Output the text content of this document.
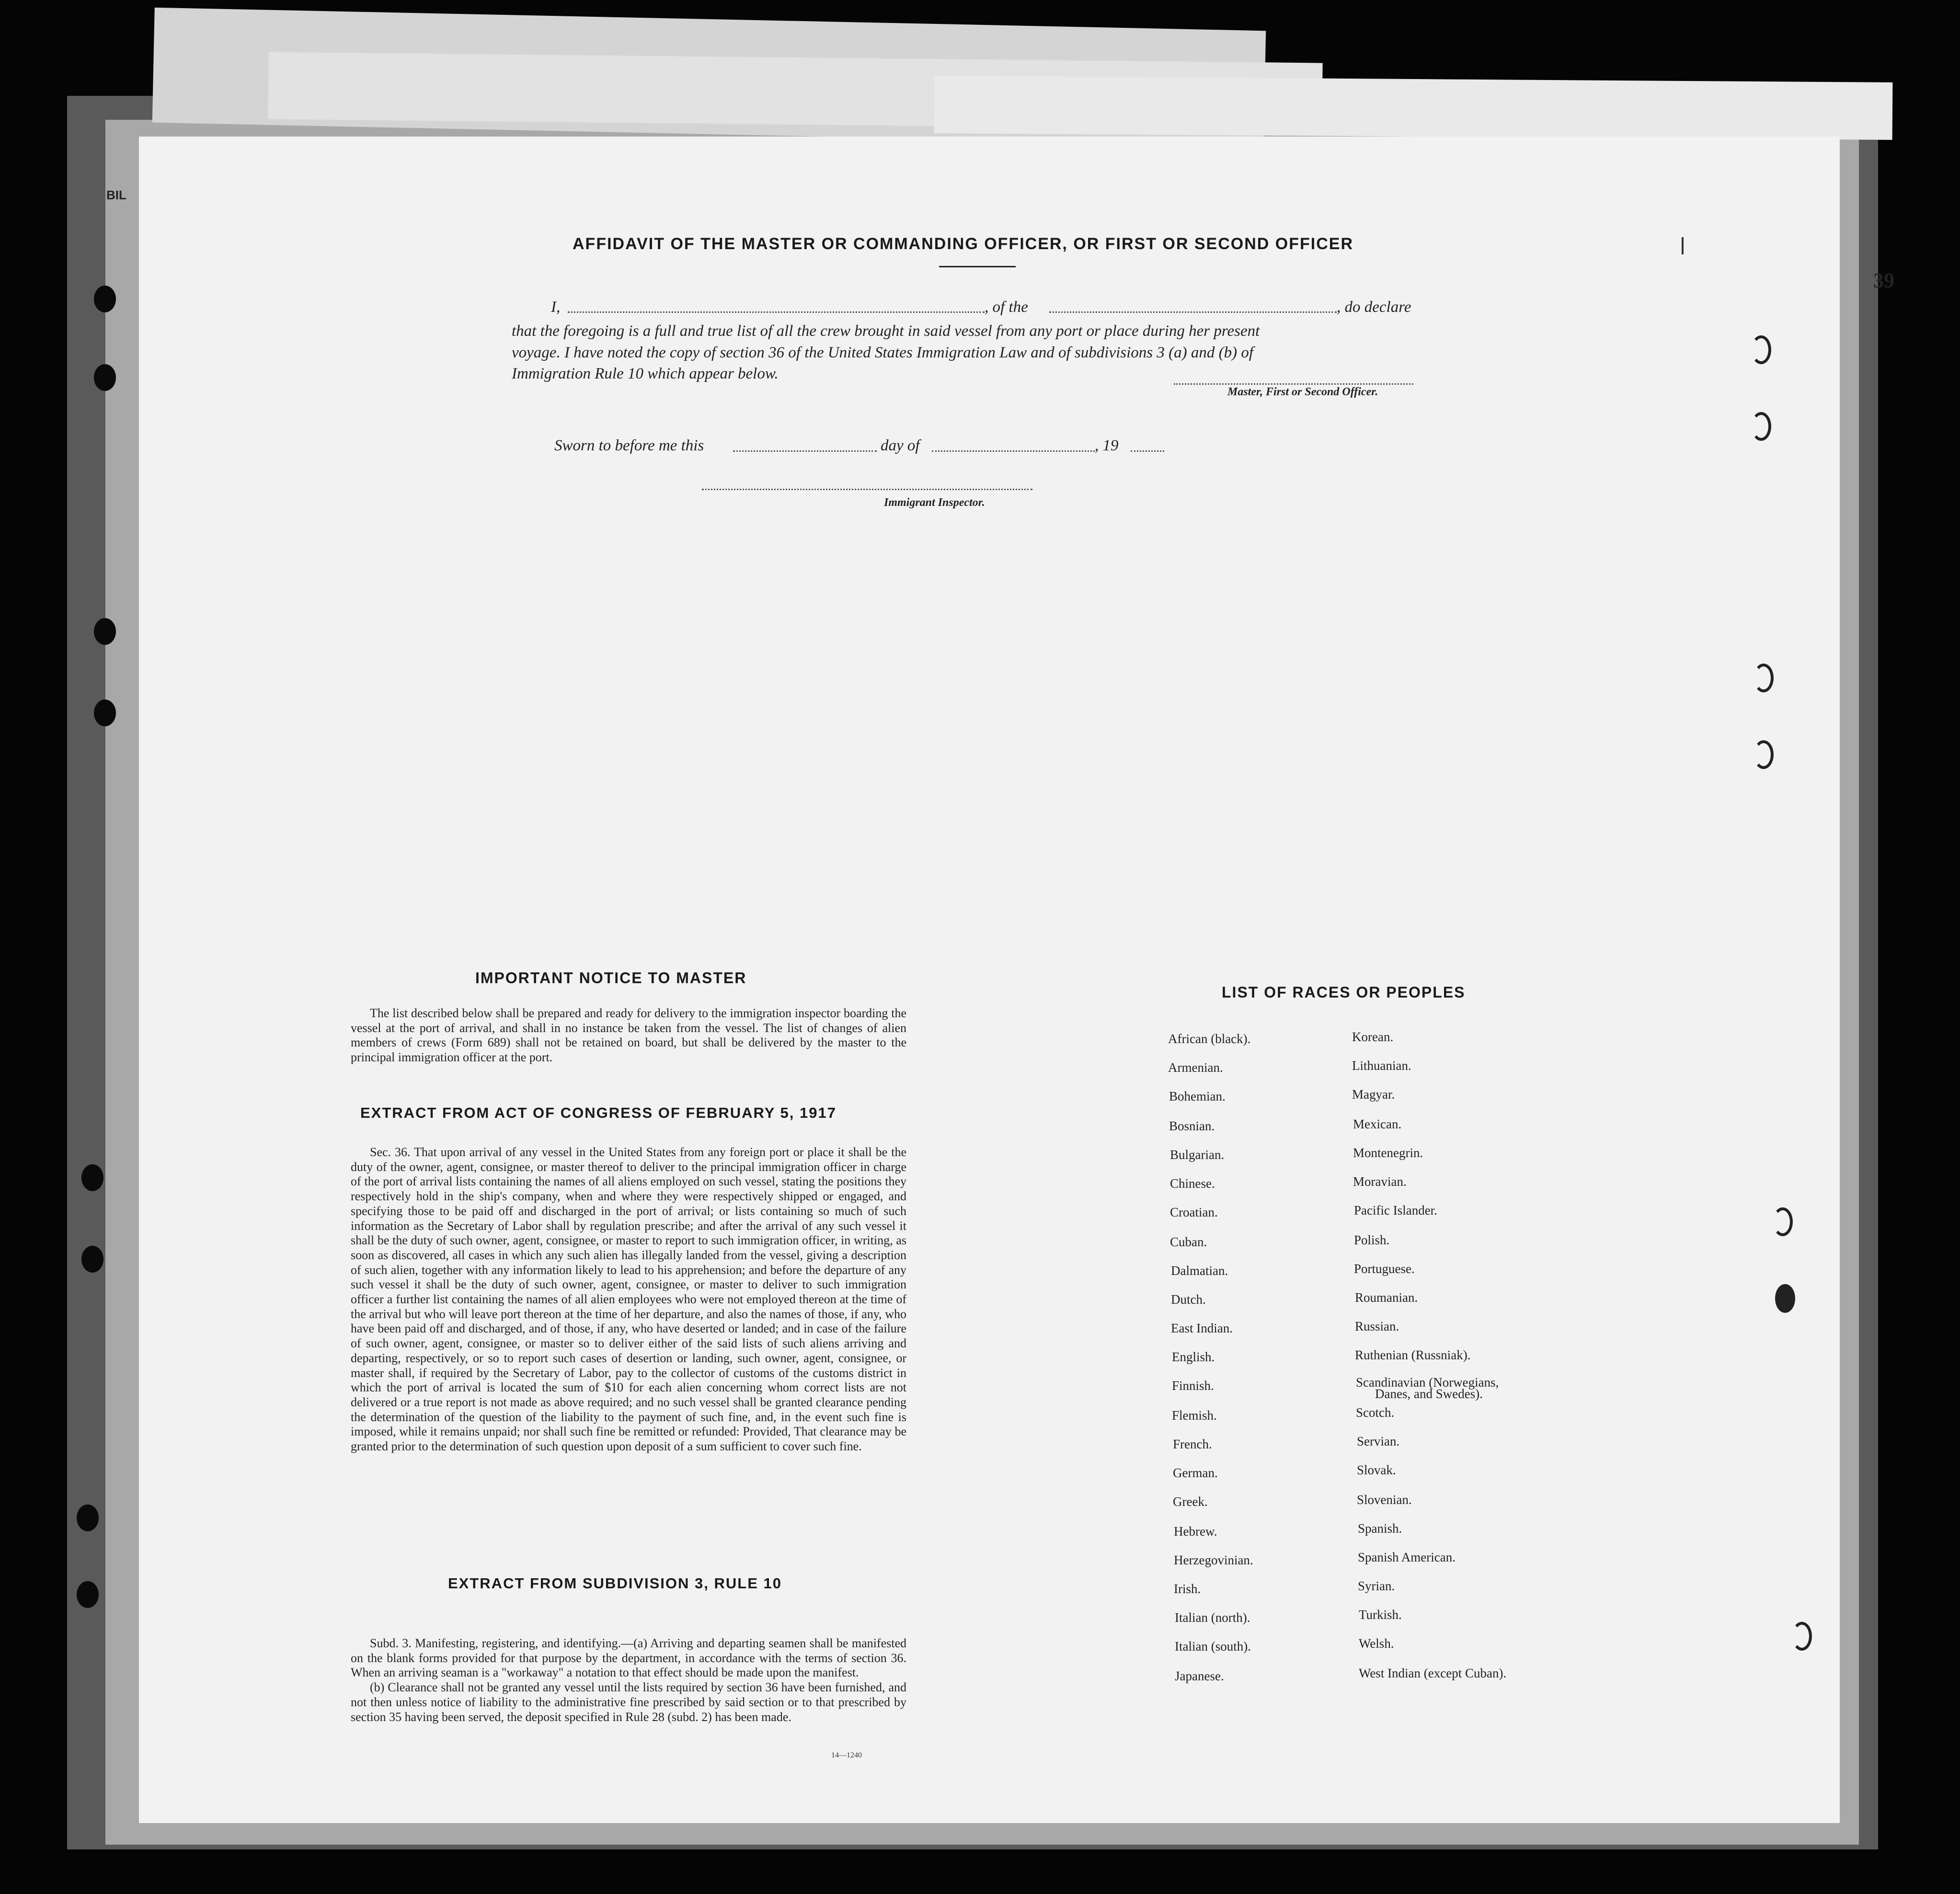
BIL
39
AFFIDAVIT OF THE MASTER OR COMMANDING OFFICER, OR FIRST OR SECOND OFFICER
I,	, of the	, do declare
that the foregoing is a full and true list of all the crew brought in said vessel from any port or place during her present
voyage. I have noted the copy of section 36 of the United States Immigration Law and of subdivisions 3 (a) and (b) of
Immigration Rule 10 which appear below.
Master, First or Second Officer.
Sworn to before me this	day of	, 19
Immigrant Inspector.
IMPORTANT NOTICE TO MASTER

The list described below shall be prepared and ready for delivery to the immigration inspector boarding the vessel at the port of arrival, and shall in no instance be taken from the vessel. The list of changes of alien members of crews (Form 689) shall not be retained on board, but shall be delivered by the master to the principal immigration officer at the port.

EXTRACT FROM ACT OF CONGRESS OF FEBRUARY 5, 1917

Sec. 36. That upon arrival of any vessel in the United States from any foreign port or place it shall be the duty of the owner, agent, consignee, or master thereof to deliver to the principal immigration officer in charge of the port of arrival lists containing the names of all aliens employed on such vessel, stating the positions they respectively hold in the ship's company, when and where they were respectively shipped or engaged, and specifying those to be paid off and discharged in the port of arrival; or lists containing so much of such information as the Secretary of Labor shall by regulation prescribe; and after the arrival of any such vessel it shall be the duty of such owner, agent, consignee, or master to report to such immigration officer, in writing, as soon as discovered, all cases in which any such alien has illegally landed from the vessel, giving a description of such alien, together with any information likely to lead to his apprehension; and before the departure of any such vessel it shall be the duty of such owner, agent, consignee, or master to deliver to such immigration officer a further list containing the names of all alien employees who were not employed thereon at the time of the arrival but who will leave port thereon at the time of her departure, and also the names of those, if any, who have been paid off and discharged, and of those, if any, who have deserted or landed; and in case of the failure of such owner, agent, consignee, or master so to deliver either of the said lists of such aliens arriving and departing, respectively, or so to report such cases of desertion or landing, such owner, agent, consignee, or master shall, if required by the Secretary of Labor, pay to the collector of customs of the customs district in which the port of arrival is located the sum of $10 for each alien concerning whom correct lists are not delivered or a true report is not made as above required; and no such vessel shall be granted clearance pending the determination of the question of the liability to the payment of such fine, and, in the event such fine is imposed, while it remains unpaid; nor shall such fine be remitted or refunded: Provided, That clearance may be granted prior to the determination of such question upon deposit of a sum sufficient to cover such fine.

EXTRACT FROM SUBDIVISION 3, RULE 10

Subd. 3. Manifesting, registering, and identifying.—(a) Arriving and departing seamen shall be manifested on the blank forms provided for that purpose by the department, in accordance with the terms of section 36. When an arriving seaman is a "workaway" a notation to that effect should be made upon the manifest.

(b) Clearance shall not be granted any vessel until the lists required by section 36 have been furnished, and not then unless notice of liability to the administrative fine prescribed by said section or to that prescribed by section 35 having been served, the deposit specified in Rule 28 (subd. 2) has been made.

14—1240
LIST OF RACES OR PEOPLES
African (black).
Armenian.
Bohemian.
Bosnian.
Bulgarian.
Chinese.
Croatian.
Cuban.
Dalmatian.
Dutch.
East Indian.
English.
Finnish.
Flemish.
French.
German.
Greek.
Hebrew.
Herzegovinian.
Irish.
Italian (north).
Italian (south).
Japanese.
Korean.
Lithuanian.
Magyar.
Mexican.
Montenegrin.
Moravian.
Pacific Islander.
Polish.
Portuguese.
Roumanian.
Russian.
Ruthenian (Russniak).
Scandinavian (Norwegians,
Danes, and Swedes).
Scotch.
Servian.
Slovak.
Slovenian.
Spanish.
Spanish American.
Syrian.
Turkish.
Welsh.
West Indian (except Cuban).
